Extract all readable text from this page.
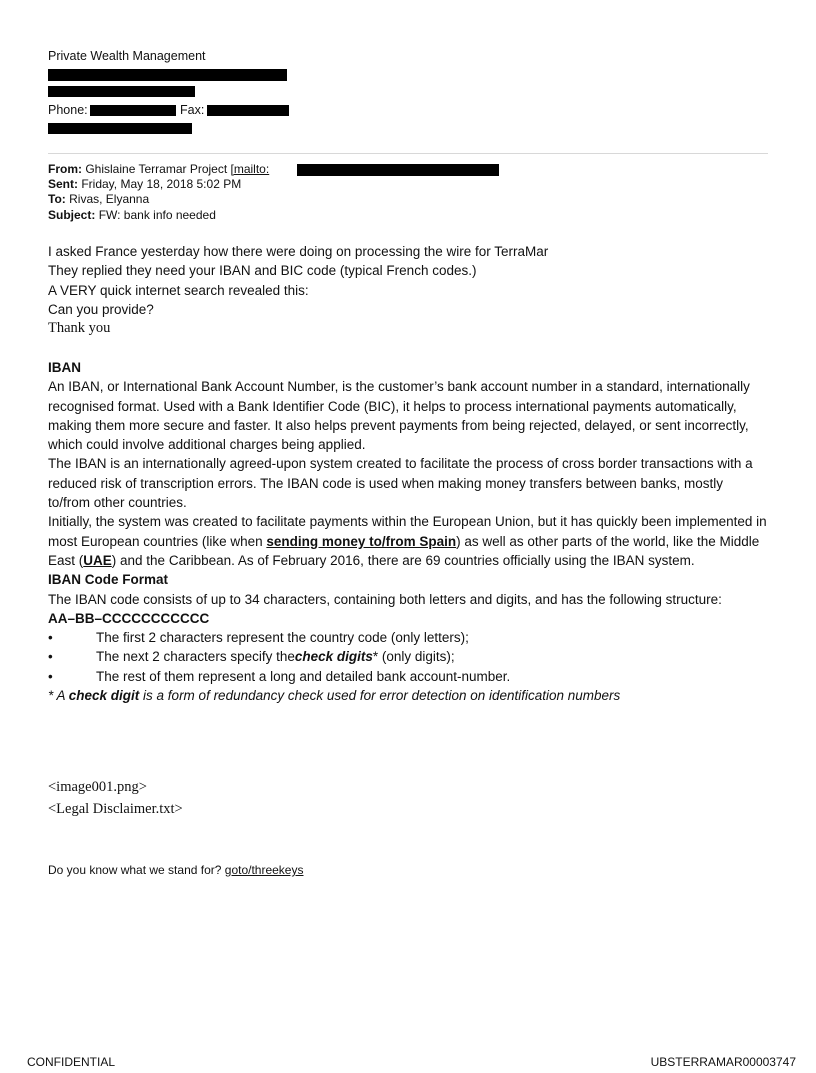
Private Wealth Management
Phone:	Fax:
From: Ghislaine Terramar Project [mailto:
Sent: Friday, May 18, 2018 5:02 PM
To: Rivas, Elyanna
Subject: FW: bank info needed
I asked France yesterday how there were doing on processing the wire for TerraMar
They replied they need your IBAN and BIC code (typical French codes.)
A VERY quick internet search revealed this:
Can you provide?
Thank you
IBAN
An IBAN, or International Bank Account Number, is the customer’s bank account number in a standard, internationally recognised format. Used with a Bank Identifier Code (BIC), it helps to process international payments automatically, making them more secure and faster. It also helps prevent payments from being rejected, delayed, or sent incorrectly, which could involve additional charges being applied.
The IBAN is an internationally agreed-upon system created to facilitate the process of cross border transactions with a reduced risk of transcription errors. The IBAN code is used when making money transfers between banks, mostly to/from other countries.
Initially, the system was created to facilitate payments within the European Union, but it has quickly been implemented in most European countries (like when sending money to/from Spain) as well as other parts of the world, like the Middle East (UAE) and the Caribbean. As of February 2016, there are 69 countries officially using the IBAN system.
IBAN Code Format
The IBAN code consists of up to 34 characters, containing both letters and digits, and has the following structure:
AA–BB–CCCCCCCCCCC
•	The first 2 characters represent the country code (only letters);
•	The next 2 characters specify thecheck digits* (only digits);
•	The rest of them represent a long and detailed bank account-number.
* A check digit is a form of redundancy check used for error detection on identification numbers
<image001.png>
<Legal Disclaimer.txt>
Do you know what we stand for? goto/threekeys
CONFIDENTIAL	UBSTERRAMAR00003747
